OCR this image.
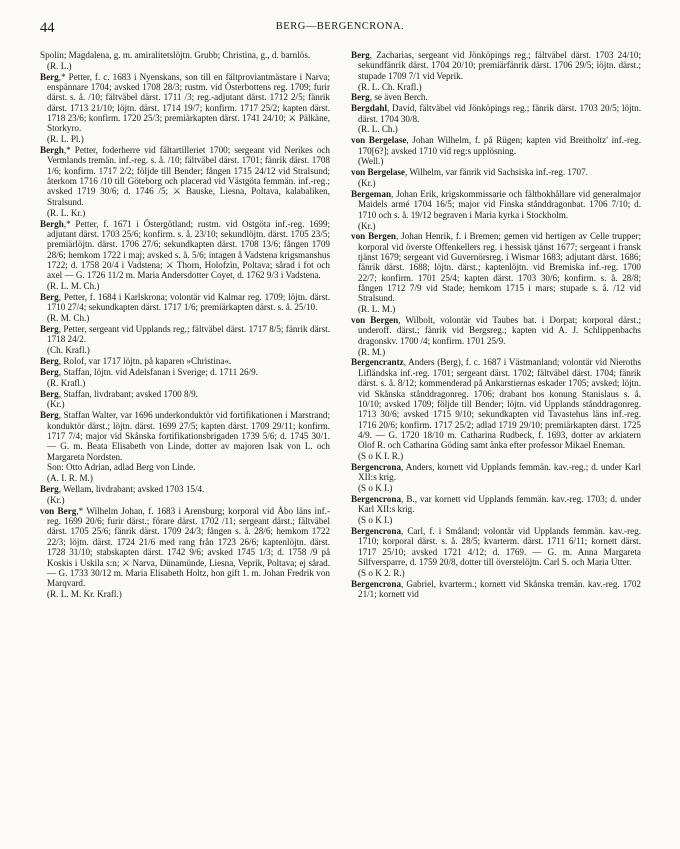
44	BERG—BERGENCRONA.

Spolin; Magdalena, g. m. amiralitetslöjtn. Grubb; Christina, g., d. barnlös.

(R. L.)

Berg,* Petter, f. c. 1683 i Nyenskans, son till en fältproviantmästare i Narva; enspännare 1704; avsked 1708 28/3; rustm. vid Österbottens reg. 1709; furir därst. s. å. /10; fältväbel därst. 1711 /3; reg.-adjutant därst. 1712 2/5; fänrik därst. 1713 21/10; löjtn. därst. 1714 19/7; konfirm. 1717 25/2; kapten därst. 1718 23/6; konfirm. 1720 25/3; premiärkapten därst. 1741 24/10; ⚔ Pälkäne, Storkyro.

(R. L. Pl.)

Bergh,* Petter, foderherre vid fältartilleriet 1700; sergeant vid Nerikes och Vermlands tremän. inf.-reg. s. å. /10; fältväbel därst. 1701; fänrik därst. 1708 1/6; konfirm. 1717 2/2; följde till Bender; fången 1715 24/12 vid Stralsund; återkom 1716 /10 till Göteborg och placerad vid Västgöta femmän. inf.-reg.; avsked 1719 30/6; d. 1746 /5; ⚔ Bauske, Liesna, Poltava, kalabaliken, Stralsund.

(R. L. Kr.)

Bergh,* Petter, f. 1671 i Östergötland; rustm. vid Ostgöta inf.-reg. 1699; adjutant därst. 1703 25/6; konfirm. s. å. 23/10; sekundlöjtn. därst. 1705 23/5; premiärlöjtn. därst. 1706 27/6; sekundkapten därst. 1708 13/6; fången 1709 28/6; hemkom 1722 i maj; avsked s. å. 5/6; intagen å Vadstena krigsmanshus 1722; d. 1758 20/4 i Vadstena; ⚔ Thorn, Holofzin, Poltava; sårad i fot och axel — G. 1726 11/2 m. Maria Andersdotter Coyet, d. 1762 9/3 i Vadstena.

(R. L. M. Ch.)

Berg, Petter, f. 1684 i Karlskrona; volontär vid Kalmar reg. 1709; löjtn. därst. 1710 27/4; sekundkapten därst. 1717 1/6; premiärkapten därst. s. å. 25/10.

(R. M. Ch.)

Berg, Petter, sergeant vid Upplands reg.; fältväbel därst. 1717 8/5; fänrik därst. 1718 24/2.

(Ch. Krafl.)

Berg, Rolof, var 1717 löjtn. på kaparen »Christina«.

Berg, Staffan, löjtn. vid Adelsfanan i Sverige; d. 1711 26/9.

(R. Krafl.)

Berg, Staffan, livdrabant; avsked 1700 8/9.

(Kr.)

Berg, Staffan Walter, var 1696 underkonduktör vid fortifikationen i Marstrand; konduktör därst.; löjtn. därst. 1699 27/5; kapten därst. 1709 29/11; konfirm. 1717 7/4; major vid Skånska fortifikationsbrigaden 1739 5/6; d. 1745 30/1. — G. m. Beata Elisabeth von Linde, dotter av majoren Isak von L. och Margareta Nordsten.

Son: Otto Adrian, adlad Berg von Linde.

(A. I. R. M.)

Berg, Wellam, livdrabant; avsked 1703 15/4.

(Kr.)

von Berg,* Wilhelm Johan, f. 1683 i Arensburg; korporal vid Åbo läns inf.-reg. 1699 20/6; furir därst.; förare därst. 1702 /11; sergeant därst.; fältväbel därst. 1705 25/6; fänrik därst. 1709 24/3; fången s. å. 28/6; hemkom 1722 22/3; löjtn. därst. 1724 21/6 med rang från 1723 26/6; kaptenlöjtn. därst. 1728 31/10; stabskapten därst. 1742 9/6; avsked 1745 1/3; d. 1758 /9 på Koskis i Uskila s:n; ⚔ Narva, Dünamünde, Liesna, Veprik, Poltava; ej sårad. — G. 1733 30/12 m. Maria Elisabeth Holtz, hon gift 1. m. Johan Fredrik von Marqvard.

(R. L. M. Kr. Krafl.)

Berg, Zacharias, sergeant vid Jönköpings reg.; fältväbel därst. 1703 24/10; sekundfänrik därst. 1704 20/10; premiärfänrik därst. 1706 29/5; löjtn. därst.; stupade 1709 7/1 vid Veprik.

(R. L. Ch. Krafl.)

Berg, se även Berch.

Bergdahl, David, fältväbel vid Jönköpings reg.; fänrik därst. 1703 20/5; löjtn. därst. 1704 30/8.

(R. L. Ch.)

von Bergelase, Johan Wilhelm, f. på Rügen; kapten vid Breitholtz' inf.-reg. 170[6?]; avsked 1710 vid reg:s upplösning.

(Well.)

von Bergelase, Wilhelm, var fänrik vid Sachsiska inf.-reg. 1707.

(Kr.)

Bergeman, Johan Erik, krigskommissarie och fältbokhållare vid generalmajor Maidels armé 1704 16/5; major vid Finska stånddragonbat. 1706 7/10; d. 1710 och s. å. 19/12 begraven i Maria kyrka i Stockholm.

(Kr.)

von Bergen, Johan Henrik, f. i Bremen; gemen vid hertigen av Celle trupper; korporal vid överste Offenkellers reg. i hessisk tjänst 1677; sergeant i fransk tjänst 1679; sergeant vid Guvernörsreg. i Wismar 1683; adjutant därst. 1686; fänrik därst. 1688; löjtn. därst.; kaptenlöjtn. vid Bremiska inf.-reg. 1700 22/7; konfirm. 1701 25/4; kapten därst. 1703 30/6; konfirm. s. å. 28/8; fången 1712 7/9 vid Stade; hemkom 1715 i mars; stupade s. å. /12 vid Stralsund.

(R. L. M.)

von Bergen, Wilbolt, volontär vid Taubes bat. i Dorpat; korporal därst.; underoff. därst.; fänrik vid Bergsreg.; kapten vid A. J. Schlippenbachs dragonskv. 1700 /4; konfirm. 1701 25/9.

(R. M.)

Bergencrantz, Anders (Berg), f. c. 1687 i Västmanland; volontär vid Nieroths Lifländska inf.-reg. 1701; sergeant därst. 1702; fältväbel därst. 1704; fänrik därst. s. å. 8/12; kommenderad på Ankarstiernas eskader 1705; avsked; löjtn. vid Skånska stånddragonreg. 1706; drabant hos konung Stanislaus s. å. 10/10; avsked 1709; följde till Bender; löjtn. vid Upplands stånddragonreg. 1713 30/6; avsked 1715 9/10; sekundkapten vid Tavastehus läns inf.-reg. 1716 20/6; konfirm. 1717 25/2; adlad 1719 29/10; premiärkapten därst. 1725 4/9. — G. 1720 18/10 m. Catharina Rudbeck, f. 1693, dotter av arkiatern Olof R. och Catharina Göding samt änka efter professor Mikael Eneman.

(S o K I. R.)

Bergencrona, Anders, kornett vid Upplands femmän. kav.-reg.; d. under Karl XII:s krig.

(S o K I.)

Bergencrona, B., var kornett vid Upplands femmän. kav.-reg. 1703; d. under Karl XII:s krig.

(S o K I.)

Bergencrona, Carl, f. i Småland; volontär vid Upplands femmän. kav.-reg. 1710; korporal därst. s. å. 28/5; kvarterm. därst. 1711 6/11; kornett därst. 1717 25/10; avsked 1721 4/12; d. 1769. — G. m. Anna Margareta Silfversparre, d. 1759 20/8, dotter till överstelöjtn. Carl S. och Maria Utter.

(S o K 2. R.)

Bergencrona, Gabriel, kvarterm.; kornett vid Skånska tremän. kav.-reg. 1702 21/1; kornett vid
